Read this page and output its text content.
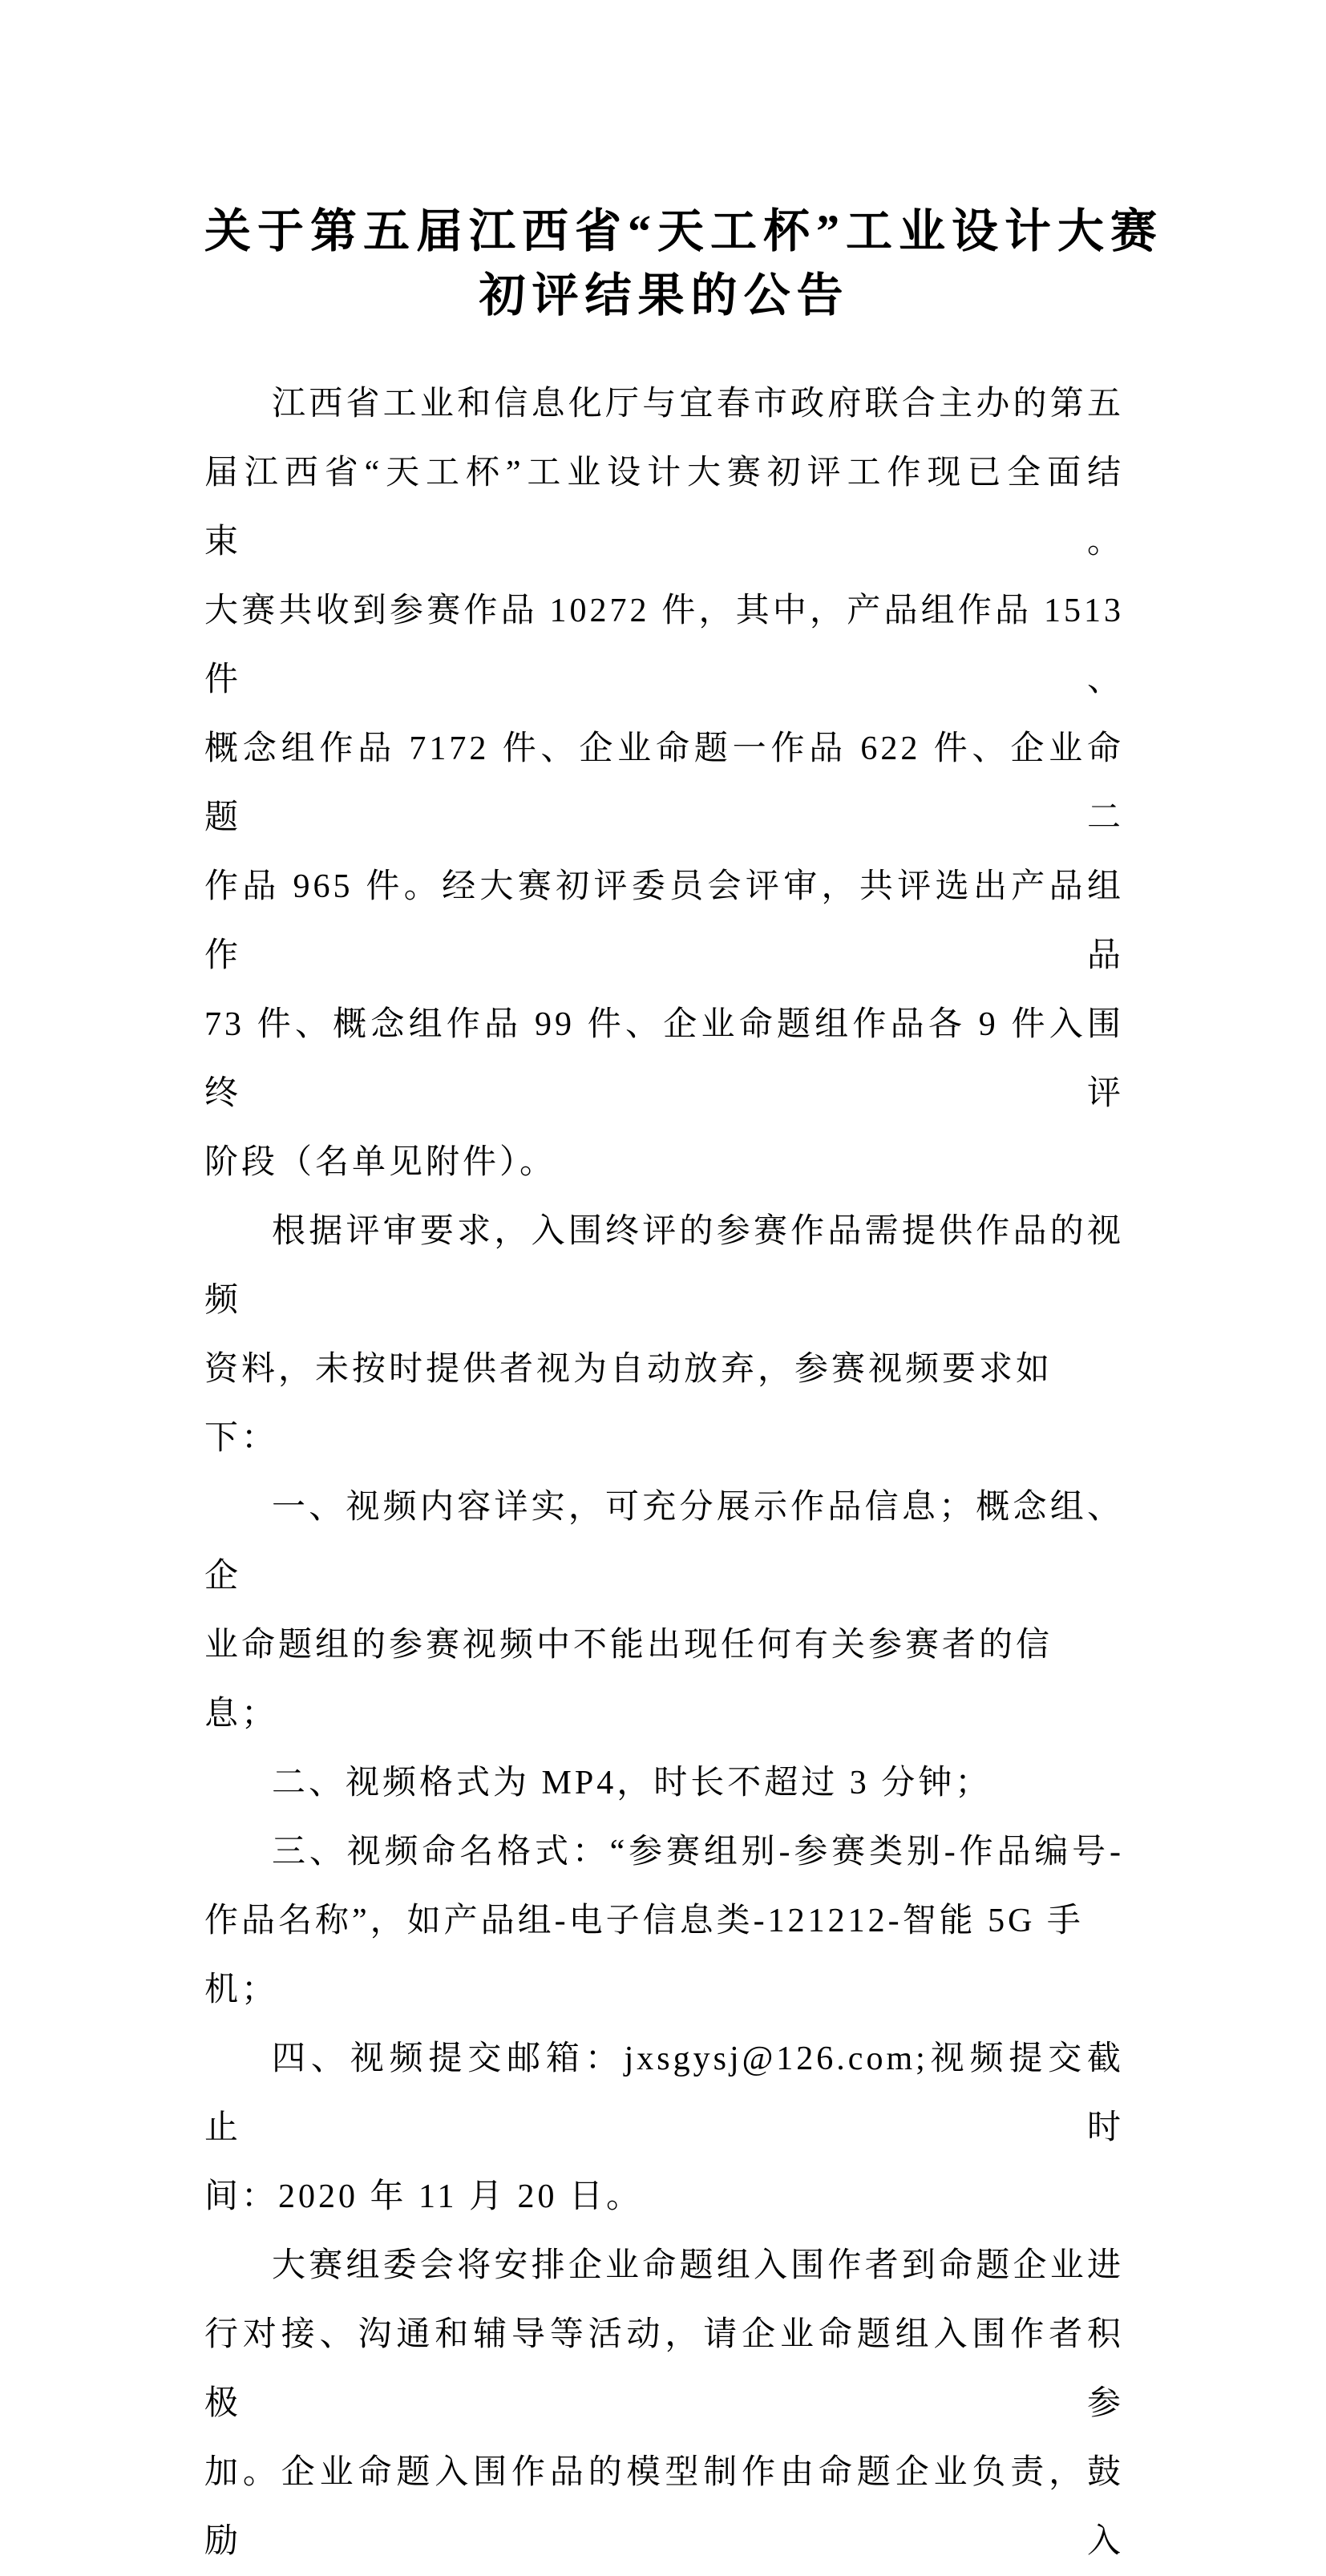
关于第五届江西省“天工杯”工业设计大赛
初评结果的公告
江西省工业和信息化厅与宜春市政府联合主办的第五
届江西省“天工杯”工业设计大赛初评工作现已全面结束。
大赛共收到参赛作品 10272 件，其中，产品组作品 1513 件、
概念组作品 7172 件、企业命题一作品 622 件、企业命题二
作品 965 件。经大赛初评委员会评审，共评选出产品组作品
73 件、概念组作品 99 件、企业命题组作品各 9 件入围终评
阶段（名单见附件）。
根据评审要求，入围终评的参赛作品需提供作品的视频
资料，未按时提供者视为自动放弃，参赛视频要求如下：
一、视频内容详实，可充分展示作品信息；概念组、企
业命题组的参赛视频中不能出现任何有关参赛者的信息；
二、视频格式为 MP4，时长不超过 3 分钟；
三、视频命名格式：“参赛组别-参赛类别-作品编号-
作品名称”，如产品组-电子信息类-121212-智能 5G 手机；
四、视频提交邮箱：jxsgysj@126.com;视频提交截止时
间：2020 年 11 月 20 日。
大赛组委会将安排企业命题组入围作者到命题企业进
行对接、沟通和辅导等活动，请企业命题组入围作者积极参
加。企业命题入围作品的模型制作由命题企业负责，鼓励入
